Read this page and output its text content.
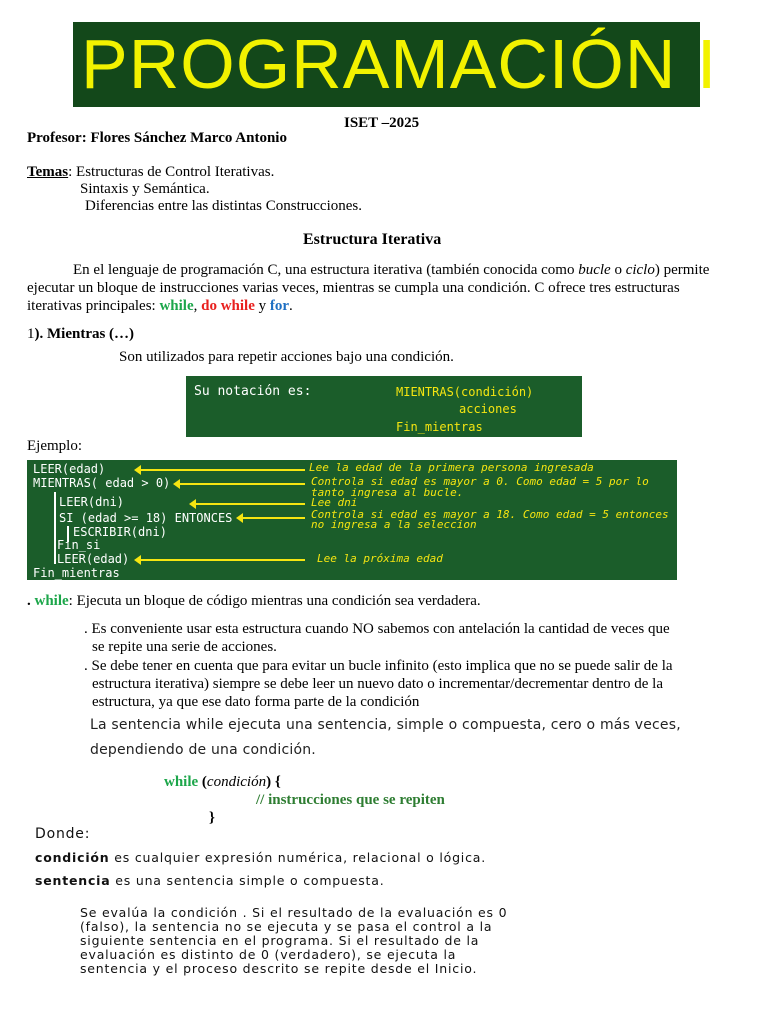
PROGRAMACIÓN I
ISET –2025
Profesor: Flores Sánchez Marco Antonio
Temas: Estructuras de Control Iterativas.
Sintaxis y Semántica.
Diferencias entre las distintas Construcciones.
Estructura Iterativa
En el lenguaje de programación C, una estructura iterativa (también conocida como bucle o ciclo) permite
ejecutar un bloque de instrucciones varias veces, mientras se cumpla una condición. C ofrece tres estructuras
iterativas principales: while, do while y for.
1). Mientras (…)
Son utilizados para repetir acciones bajo una condición.
Su notación es:	MIENTRAS(condición)
acciones
Fin_mientras
Ejemplo:
LEER(edad)
MIENTRAS( edad > 0)
LEER(dni)
SI (edad >= 18) ENTONCES
ESCRIBIR(dni)
Fin_si
LEER(edad)
Fin_mientras
Lee la edad de la primera persona ingresada
Controla si edad es mayor a 0. Como edad = 5 por lo
tanto ingresa al bucle.
Lee dni
Controla si edad es mayor a 18. Como edad = 5 entonces
no ingresa a la seleccion
Lee la próxima edad
. while: Ejecuta un bloque de código mientras una condición sea verdadera.
. Es conveniente usar esta estructura cuando NO sabemos con antelación la cantidad de veces que
se repite una serie de acciones.
. Se debe tener en cuenta que para evitar un bucle infinito (esto implica que no se puede salir de la
estructura iterativa) siempre se debe leer un nuevo dato o incrementar/decrementar dentro de la
estructura, ya que ese dato forma parte de la condición
La sentencia while ejecuta una sentencia, simple o compuesta, cero o más veces,
dependiendo de una condición.
while (condición) {
// instrucciones que se repiten
}
Donde:
condición es cualquier expresión numérica, relacional o lógica.
sentencia es una sentencia simple o compuesta.
Se evalúa la condición . Si el resultado de la evaluación es 0
(falso), la sentencia no se ejecuta y se pasa el control a la
siguiente sentencia en el programa. Si el resultado de la
evaluación es distinto de 0 (verdadero), se ejecuta la
sentencia y el proceso descrito se repite desde el Inicio.
